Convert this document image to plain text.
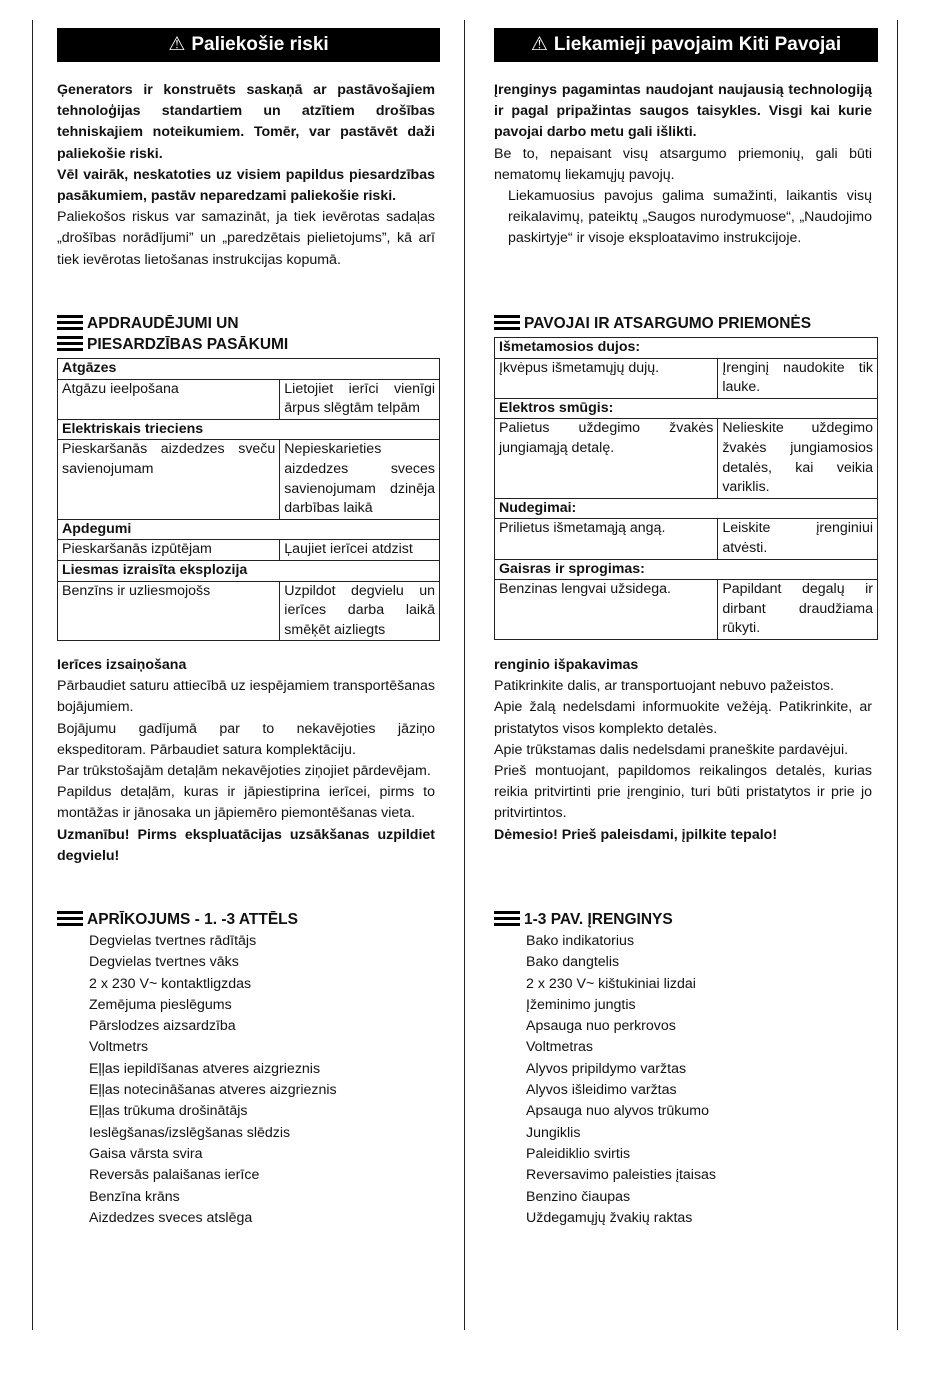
⚠ Paliekošie riski

Ģenerators ir konstruēts saskaņā ar pastāvošajiem tehnoloģijas standartiem un atzītiem drošības tehniskajiem noteikumiem. Tomēr, var pastāvēt daži paliekošie riski.

Vēl vairāk, neskatoties uz visiem papildus piesardzības pasākumiem, pastāv neparedzami paliekošie riski.

Paliekošos riskus var samazināt, ja tiek ievērotas sadaļas „drošības norādījumi” un „paredzētais pielietojums”, kā arī tiek ievērotas lietošanas instrukcijas kopumā.

APDRAUDĒJUMI UN
PIESARDZĪBAS PASĀKUMI
Atgāzes	
Atgāzu ieelpošana	Lietojiet ierīci vienīgi ārpus slēgtām telpām
Elektriskais trieciens	
Pieskaršanās aizdedzes sveču savienojumam	Nepieskarieties aizdedzes sveces savienojumam dzinēja darbības laikā
Apdegumi	
Pieskaršanās izpūtējam	Ļaujiet ierīcei atdzist
Liesmas izraisīta eksplozija	
Benzīns ir uzliesmojošs	Uzpildot degvielu un ierīces darba laikā smēķēt aizliegts

Ierīces izsaiņošana

Pārbaudiet saturu attiecībā uz iespējamiem transportēšanas bojājumiem.

Bojājumu gadījumā par to nekavējoties jāziņo ekspeditoram. Pārbaudiet satura komplektāciju.

Par trūkstošajām detaļām nekavējoties ziņojiet pārdevējam.

Papildus detaļām, kuras ir jāpiestiprina ierīcei, pirms to montāžas ir jānosaka un jāpiemēro piemontēšanas vieta.

Uzmanību! Pirms ekspluatācijas uzsākšanas uzpildiet degvielu!

APRĪKOJUMS - 1. -3 ATTĒLS
Degvielas tvertnes rādītājs
Degvielas tvertnes vāks
2 x 230 V~ kontaktligzdas
Zemējuma pieslēgums
Pārslodzes aizsardzība
Voltmetrs
Eļļas iepildīšanas atveres aizgrieznis
Eļļas notecināšanas atveres aizgrieznis
Eļļas trūkuma drošinātājs
Ieslēgšanas/izslēgšanas slēdzis
Gaisa vārsta svira
Reversās palaišanas ierīce
Benzīna krāns
Aizdedzes sveces atslēga
⚠ Liekamieji pavojaim Kiti Pavojai

Įrenginys pagamintas naudojant naujausią technologiją ir pagal pripažintas saugos taisykles. Visgi kai kurie pavojai darbo metu gali išlikti.

Be to, nepaisant visų atsargumo priemonių, gali būti nematomų liekamųjų pavojų.

Liekamuosius pavojus galima sumažinti, laikantis visų reikalavimų, pateiktų „Saugos nurodymuose“, „Naudojimo paskirtyje“ ir visoje eksploatavimo instrukcijoje.

PAVOJAI IR ATSARGUMO PRIEMONĖS
Išmetamosios dujos:	
Įkvėpus išmetamųjų dujų.	Įrenginį naudokite tik lauke.
Elektros smūgis:	
Palietus uždegimo žvakės jungiamąją detalę.	Nelieskite uždegimo žvakės jungiamosios detalės, kai veikia variklis.
Nudegimai:	
Prilietus išmetamąją angą.	Leiskite įrenginiui atvėsti.
Gaisras ir sprogimas:	
Benzinas lengvai užsidega.	Papildant degalų ir dirbant draudžiama rūkyti.

renginio išpakavimas

Patikrinkite dalis, ar transportuojant nebuvo pažeistos.

Apie žalą nedelsdami informuokite vežėją. Patikrinkite, ar pristatytos visos komplekto detalės.

Apie trūkstamas dalis nedelsdami praneškite pardavėjui.

Prieš montuojant, papildomos reikalingos detalės, kurias reikia pritvirtinti prie įrenginio, turi būti pristatytos ir prie jo pritvirtintos.

Dėmesio! Prieš paleisdami, įpilkite tepalo!

1-3 PAV. ĮRENGINYS
Bako indikatorius
Bako dangtelis
2 x 230 V~ kištukiniai lizdai
Įžeminimo jungtis
Apsauga nuo perkrovos
Voltmetras
Alyvos pripildymo varžtas
Alyvos išleidimo varžtas
Apsauga nuo alyvos trūkumo
Jungiklis
Paleidiklio svirtis
Reversavimo paleisties įtaisas
Benzino čiaupas
Uždegamųjų žvakių raktas
